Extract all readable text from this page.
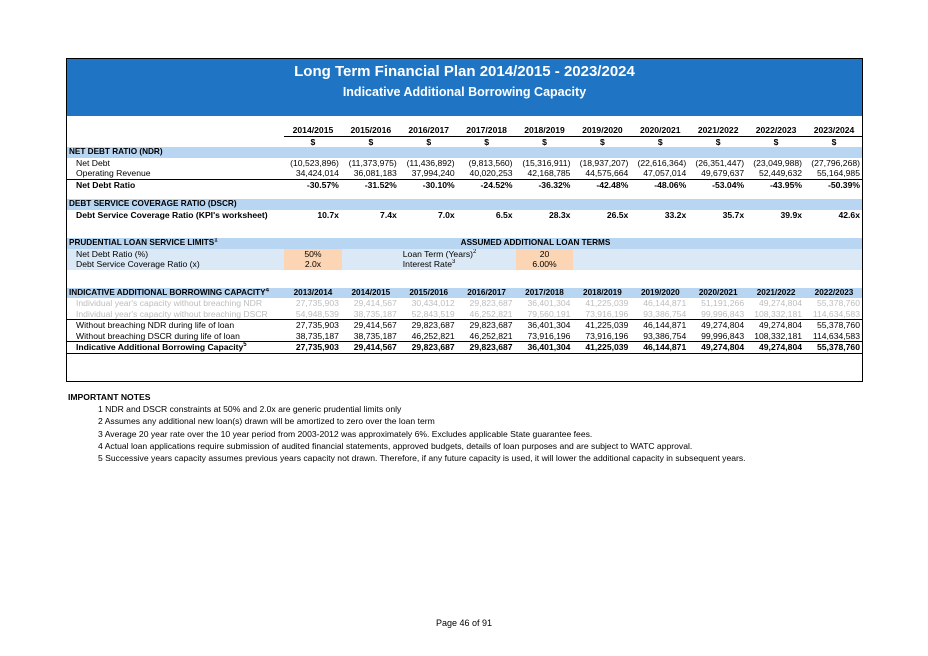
Long Term Financial Plan 2014/2015 - 2023/2024
Indicative Additional Borrowing Capacity

	2014/2015	2015/2016	2016/2017	2017/2018	2018/2019	2019/2020	2020/2021	2021/2022	2022/2023	2023/2024
	$	$	$	$	$	$	$	$	$	$
NET DEBT RATIO (NDR)										
Net Debt	(10,523,896)	(11,373,975)	(11,436,892)	(9,813,560)	(15,316,911)	(18,937,207)	(22,616,364)	(26,351,447)	(23,049,988)	(27,796,268)
Operating Revenue	34,424,014	36,081,183	37,994,240	40,020,253	42,168,785	44,575,664	47,057,014	49,679,637	52,449,632	55,164,985
Net Debt Ratio	-30.57%	-31.52%	-30.10%	-24.52%	-36.32%	-42.48%	-48.06%	-53.04%	-43.95%	-50.39%

DEBT SERVICE COVERAGE RATIO (DSCR)										
Debt Service Coverage Ratio (KPI's worksheet)	10.7x	7.4x	7.0x	6.5x	28.3x	26.5x	33.2x	35.7x	39.9x	42.6x

PRUDENTIAL LOAN SERVICE LIMITS$^1$				ASSUMED ADDITIONAL LOAN TERMS						
Net Debt Ratio (%)	50%		Loan Term (Years)$^2$		20					
Debt Service Coverage Ratio (x)	2.0x		Interest Rate$^3$		6.00%					

INDICATIVE ADDITIONAL BORROWING CAPACITY$^4$	2013/2014	2014/2015	2015/2016	2016/2017	2017/2018	2018/2019	2019/2020	2020/2021	2021/2022	2022/2023
Individual year's capacity without breaching NDR	27,735,903	29,414,567	30,434,012	29,823,687	36,401,304	41,225,039	46,144,871	51,191,266	49,274,804	55,378,760
Individual year's capacity without breaching DSCR	54,948,539	38,735,187	52,843,519	46,252,821	79,560,191	73,916,196	93,386,754	99,996,843	108,332,181	114,634,583
Without breaching NDR during life of loan	27,735,903	29,414,567	29,823,687	29,823,687	36,401,304	41,225,039	46,144,871	49,274,804	49,274,804	55,378,760
Without breaching DSCR during life of loan	38,735,187	38,735,187	46,252,821	46,252,821	73,916,196	73,916,196	93,386,754	99,996,843	108,332,181	114,634,583
Indicative Additional Borrowing Capacity$^5$	27,735,903	29,414,567	29,823,687	29,823,687	36,401,304	41,225,039	46,144,871	49,274,804	49,274,804	55,378,760
IMPORTANT NOTES
1 NDR and DSCR constraints at 50% and 2.0x are generic prudential limits only
2 Assumes any additional new loan(s) drawn will be amortized to zero over the loan term
3 Average 20 year rate over the 10 year period from 2003-2012 was approximately 6%. Excludes applicable State guarantee fees.
4 Actual loan applications require submission of audited financial statements, approved budgets, details of loan purposes and are subject to WATC approval.
5 Successive years capacity assumes previous years capacity not drawn. Therefore, if any future capacity is used, it will lower the additional capacity in subsequent years.
Page 46 of 91
